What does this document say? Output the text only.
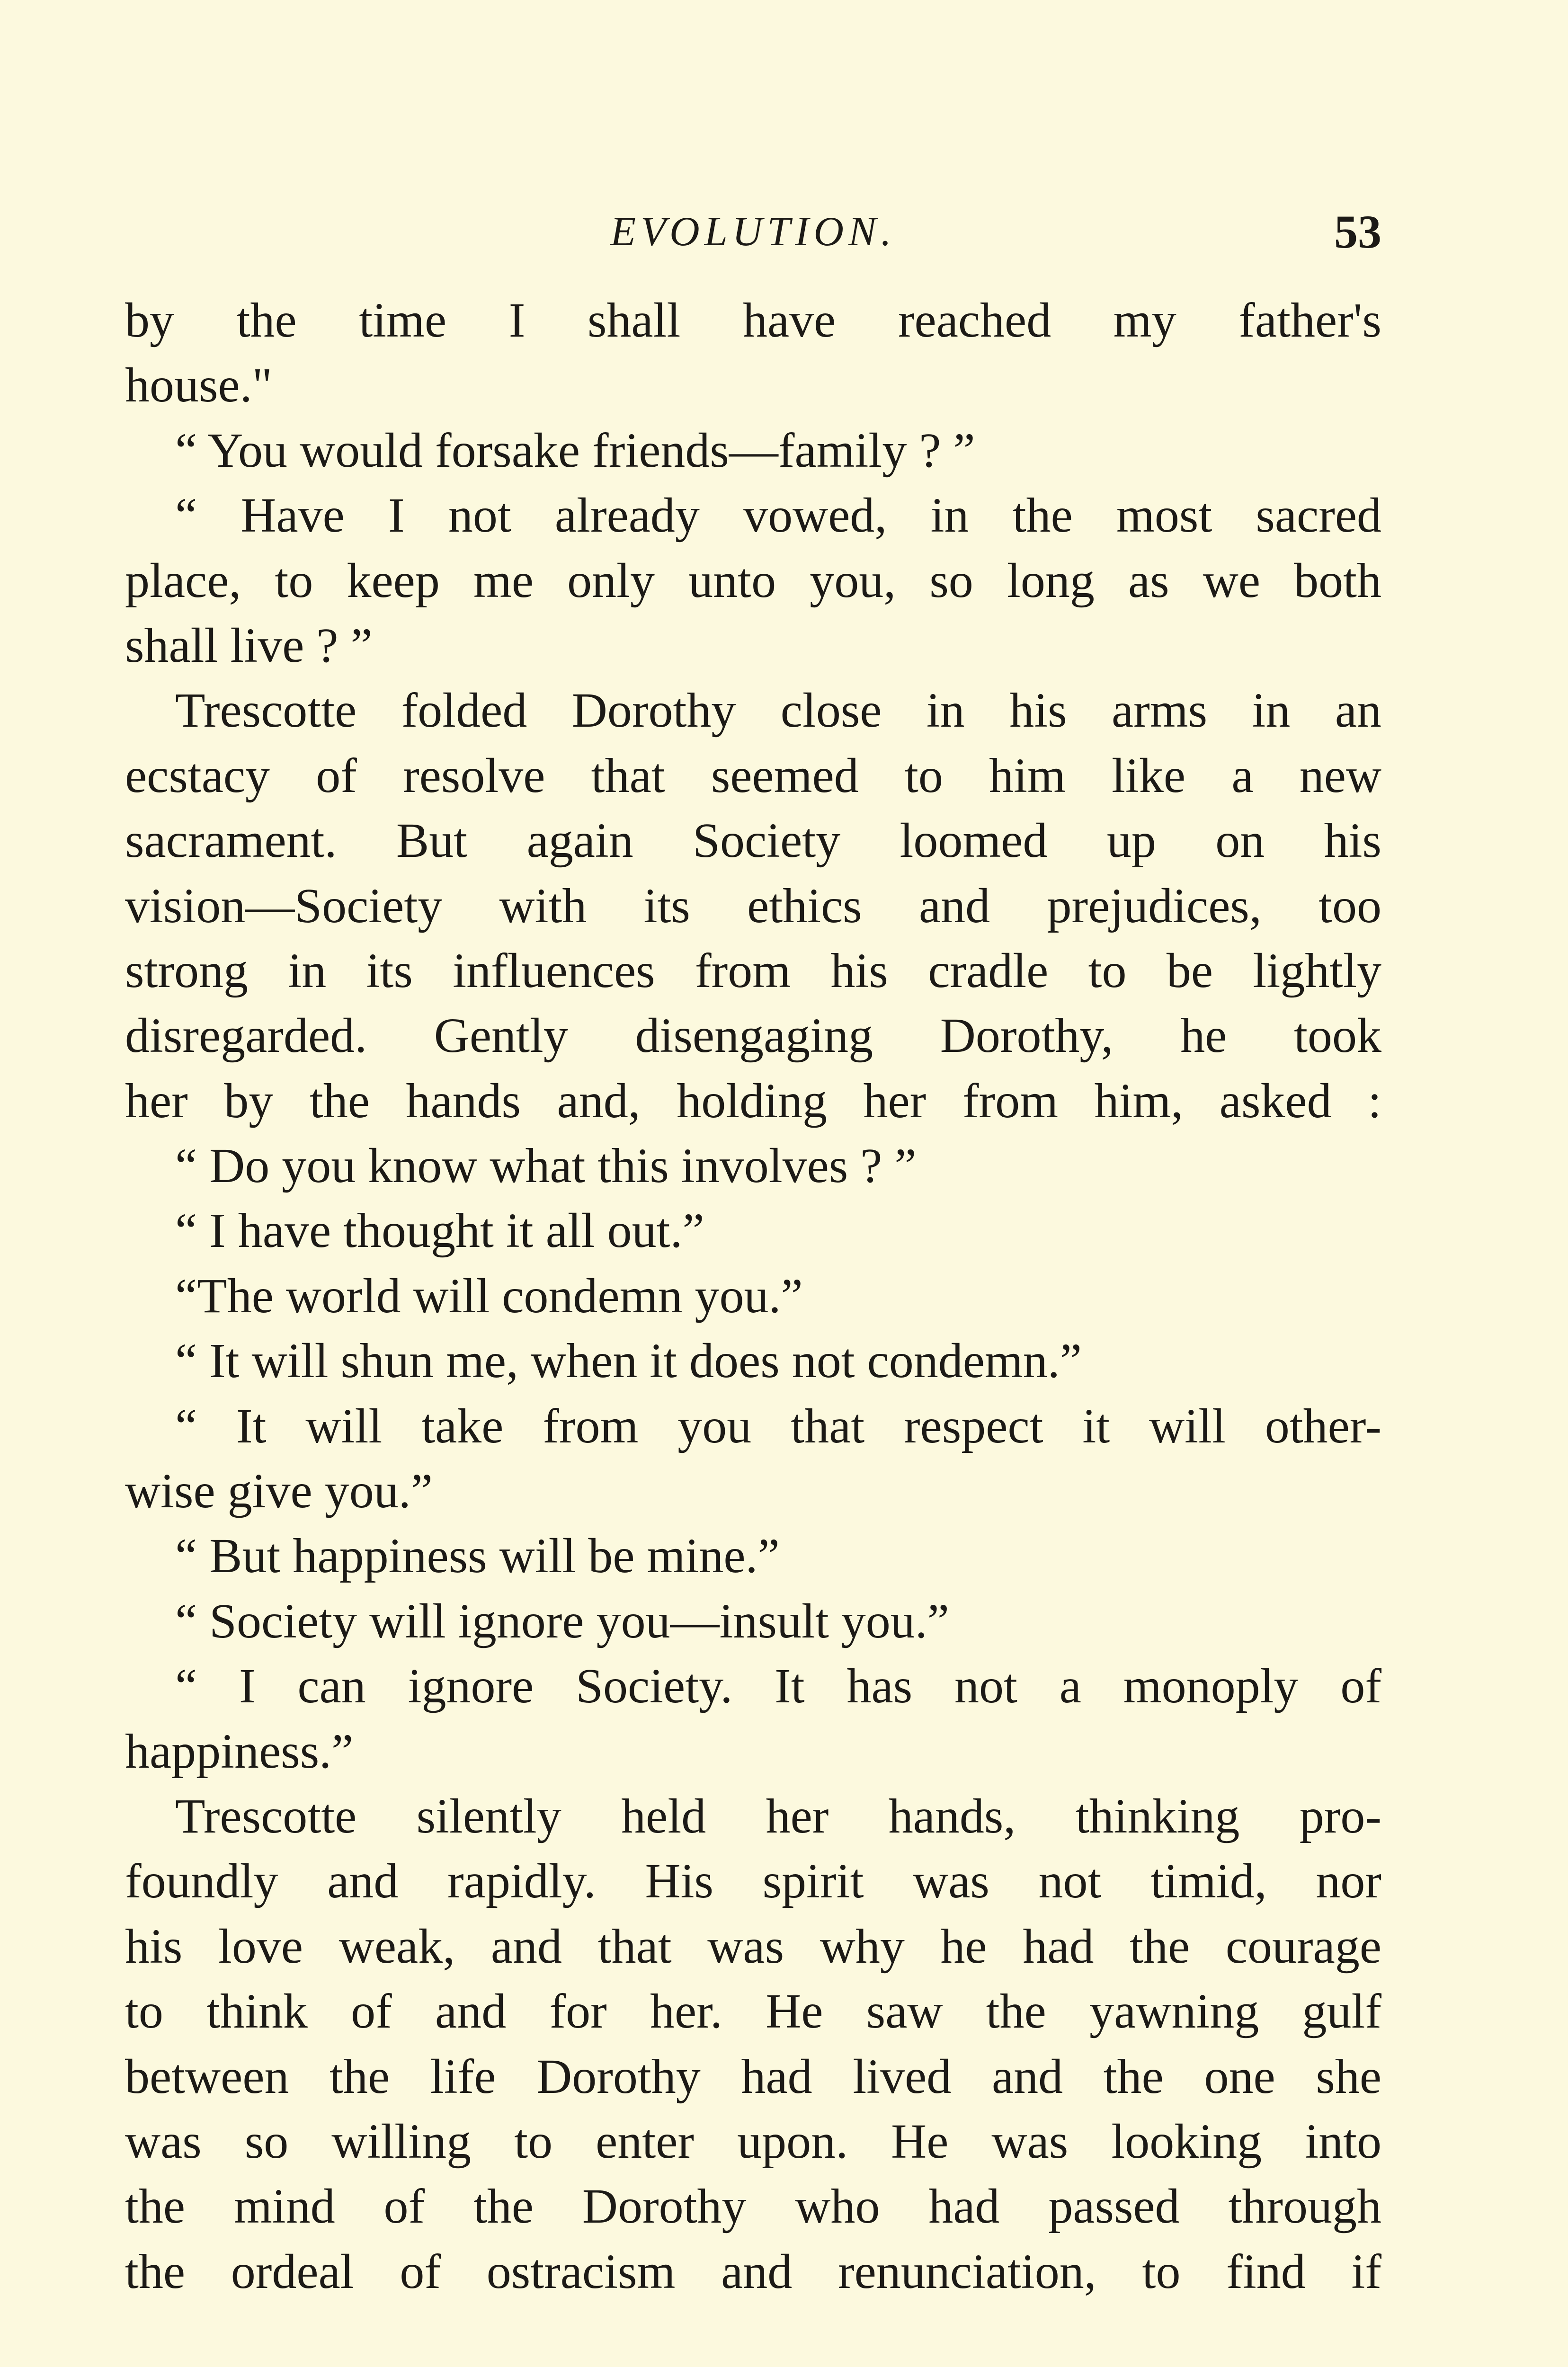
EVOLUTION.	53
by the time I shall have reached my father's
house."
“ You would forsake friends—family ? ”
“ Have I not already vowed, in the most sacred
place, to keep me only unto you, so long as we both
shall live ? ”
Trescotte folded Dorothy close in his arms in an
ecstacy of resolve that seemed to him like a new
sacrament. But again Society loomed up on his
vision—Society with its ethics and prejudices, too
strong in its influences from his cradle to be lightly
disregarded. Gently disengaging Dorothy, he took
her by the hands and, holding her from him, asked :
“ Do you know what this involves ? ”
“ I have thought it all out.”
“The world will condemn you.”
“ It will shun me, when it does not condemn.”
“ It will take from you that respect it will other-
wise give you.”
“ But happiness will be mine.”
“ Society will ignore you—insult you.”
“ I can ignore Society. It has not a monoply of
happiness.”
Trescotte silently held her hands, thinking pro-
foundly and rapidly. His spirit was not timid, nor
his love weak, and that was why he had the courage
to think of and for her. He saw the yawning gulf
between the life Dorothy had lived and the one she
was so willing to enter upon. He was looking into
the mind of the Dorothy who had passed through
the ordeal of ostracism and renunciation, to find if
